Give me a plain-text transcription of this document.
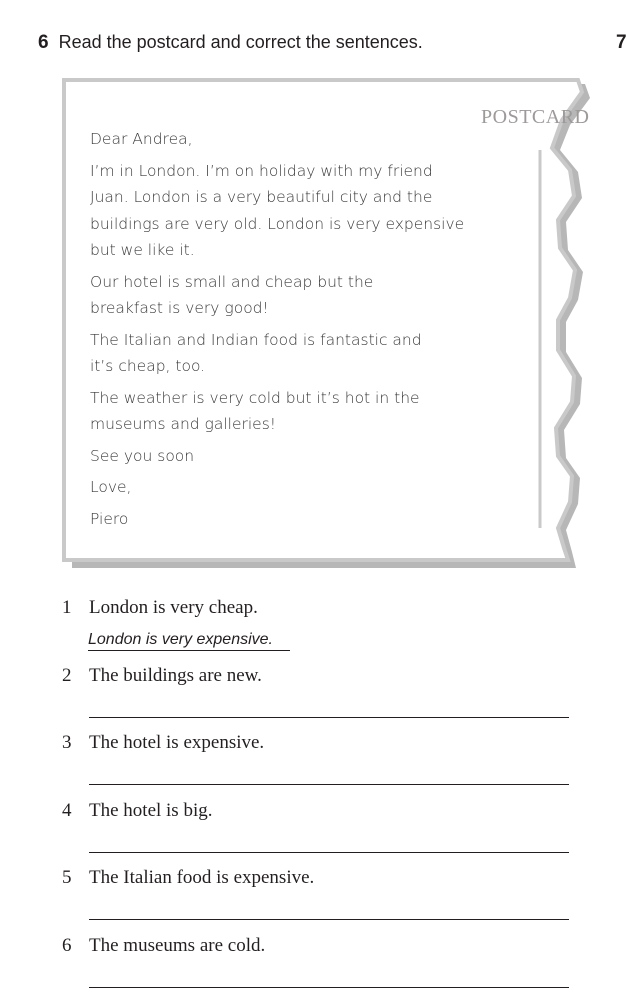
6 Read the postcard and correct the sentences.	7
POSTCARD
Dear Andrea,
I’m in London. I’m on holiday with my friend
Juan. London is a very beautiful city and the
buildings are very old. London is very expensive
but we like it.
Our hotel is small and cheap but the
breakfast is very good!
The Italian and Indian food is fantastic and
it’s cheap, too.
The weather is very cold but it’s hot in the
museums and galleries!
See you soon
Love,
Piero
1 London is very cheap.
London is very expensive.
2 The buildings are new.
3 The hotel is expensive.
4 The hotel is big.
5 The Italian food is expensive.
6 The museums are cold.
